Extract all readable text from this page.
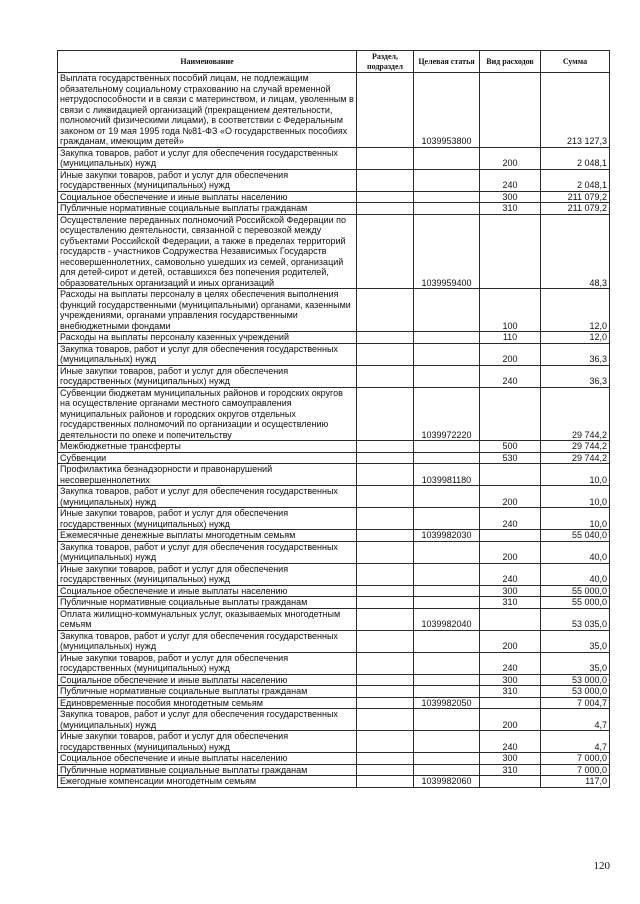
Наименование	Раздел, подраздел	Целевая статья	Вид расходов	Сумма
Выплата государственных пособий лицам, не подлежащим обязательному социальному страхованию на случай временной нетрудоспособности и в связи с материнством, и лицам, уволенным в связи с ликвидацией организаций (прекращением деятельности, полномочий физическими лицами), в соответствии с Федеральным законом от 19 мая 1995 года №81-ФЗ «О государственных пособиях гражданам, имеющим детей»		1039953800		213 127,3
Закупка товаров, работ и услуг для обеспечения государственных (муниципальных) нужд			200	2 048,1
Иные закупки товаров, работ и услуг для обеспечения государственных (муниципальных) нужд			240	2 048,1
Социальное обеспечение и иные выплаты населению			300	211 079,2
Публичные нормативные социальные выплаты гражданам			310	211 079,2
Осуществление переданных полномочий Российской Федерации по осуществлению деятельности, связанной с перевозкой между субъектами Российской Федерации, а также в пределах территорий государств - участников Содружества Независимых Государств несовершеннолетних, самовольно ушедших из семей, организаций для детей-сирот и детей, оставшихся без попечения родителей, образовательных организаций и иных организаций		1039959400		48,3
Расходы на выплаты персоналу в целях обеспечения выполнения функций государственными (муниципальными) органами, казенными учреждениями, органами управления государственными внебюджетными фондами			100	12,0
Расходы на выплаты персоналу казенных учреждений			110	12,0
Закупка товаров, работ и услуг для обеспечения государственных (муниципальных) нужд			200	36,3
Иные закупки товаров, работ и услуг для обеспечения государственных (муниципальных) нужд			240	36,3
Субвенции бюджетам муниципальных районов и городских округов на осуществление органами местного самоуправления муниципальных районов и городских округов отдельных государственных полномочий по организации и осуществлению деятельности по опеке и попечительству		1039972220		29 744,2
Межбюджетные трансферты			500	29 744,2
Субвенции			530	29 744,2
Профилактика безнадзорности и правонарушений несовершеннолетних		1039981180		10,0
Закупка товаров, работ и услуг для обеспечения государственных (муниципальных) нужд			200	10,0
Иные закупки товаров, работ и услуг для обеспечения государственных (муниципальных) нужд			240	10,0
Ежемесячные денежные выплаты многодетным семьям		1039982030		55 040,0
Закупка товаров, работ и услуг для обеспечения государственных (муниципальных) нужд			200	40,0
Иные закупки товаров, работ и услуг для обеспечения государственных (муниципальных) нужд			240	40,0
Социальное обеспечение и иные выплаты населению			300	55 000,0
Публичные нормативные социальные выплаты гражданам			310	55 000,0
Оплата жилищно-коммунальных услуг, оказываемых многодетным семьям		1039982040		53 035,0
Закупка товаров, работ и услуг для обеспечения государственных (муниципальных) нужд			200	35,0
Иные закупки товаров, работ и услуг для обеспечения государственных (муниципальных) нужд			240	35,0
Социальное обеспечение и иные выплаты населению			300	53 000,0
Публичные нормативные социальные выплаты гражданам			310	53 000,0
Единовременные пособия многодетным семьям		1039982050		7 004,7
Закупка товаров, работ и услуг для обеспечения государственных (муниципальных) нужд			200	4,7
Иные закупки товаров, работ и услуг для обеспечения государственных (муниципальных) нужд			240	4,7
Социальное обеспечение и иные выплаты населению			300	7 000,0
Публичные нормативные социальные выплаты гражданам			310	7 000,0
Ежегодные компенсации многодетным семьям		1039982060		117,0
120
